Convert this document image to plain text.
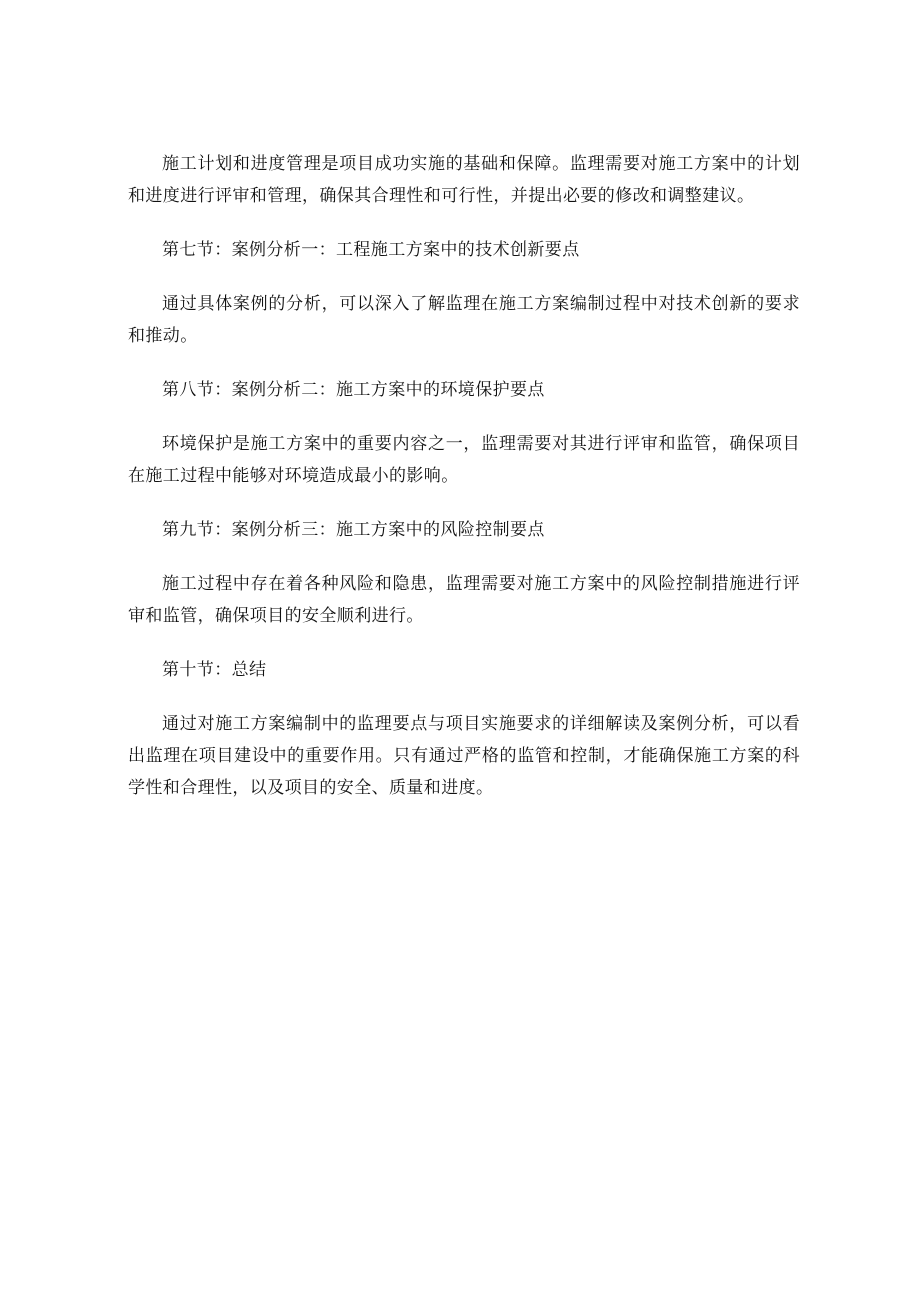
施工计划和进度管理是项目成功实施的基础和保障。监理需要对施工方案中的计划和进度进行评审和管理，确保其合理性和可行性，并提出必要的修改和调整建议。

第七节：案例分析一：工程施工方案中的技术创新要点

通过具体案例的分析，可以深入了解监理在施工方案编制过程中对技术创新的要求和推动。

第八节：案例分析二：施工方案中的环境保护要点

环境保护是施工方案中的重要内容之一，监理需要对其进行评审和监管，确保项目在施工过程中能够对环境造成最小的影响。

第九节：案例分析三：施工方案中的风险控制要点

施工过程中存在着各种风险和隐患，监理需要对施工方案中的风险控制措施进行评审和监管，确保项目的安全顺利进行。

第十节：总结

通过对施工方案编制中的监理要点与项目实施要求的详细解读及案例分析，可以看出监理在项目建设中的重要作用。只有通过严格的监管和控制，才能确保施工方案的科学性和合理性，以及项目的安全、质量和进度。
